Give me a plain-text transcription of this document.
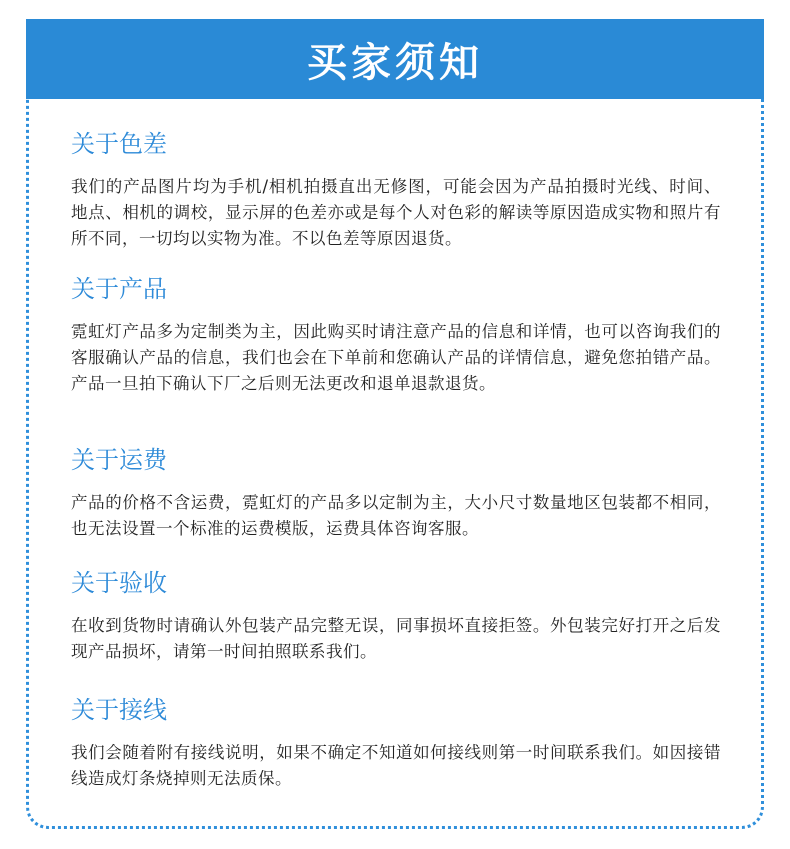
买家须知
关于色差

我们的产品图片均为手机/相机拍摄直出无修图，可能会因为产品拍摄时光线、时间、地点、相机的调校，显示屏的色差亦或是每个人对色彩的解读等原因造成实物和照片有所不同，一切均以实物为准。不以色差等原因退货。

关于产品

霓虹灯产品多为定制类为主，因此购买时请注意产品的信息和详情，也可以咨询我们的客服确认产品的信息，我们也会在下单前和您确认产品的详情信息，避免您拍错产品。产品一旦拍下确认下厂之后则无法更改和退单退款退货。

关于运费

产品的价格不含运费，霓虹灯的产品多以定制为主，大小尺寸数量地区包装都不相同，也无法设置一个标准的运费模版，运费具体咨询客服。

关于验收

在收到货物时请确认外包装产品完整无误，同事损坏直接拒签。外包装完好打开之后发现产品损坏，请第一时间拍照联系我们。

关于接线

我们会随着附有接线说明，如果不确定不知道如何接线则第一时间联系我们。如因接错线造成灯条烧掉则无法质保。
